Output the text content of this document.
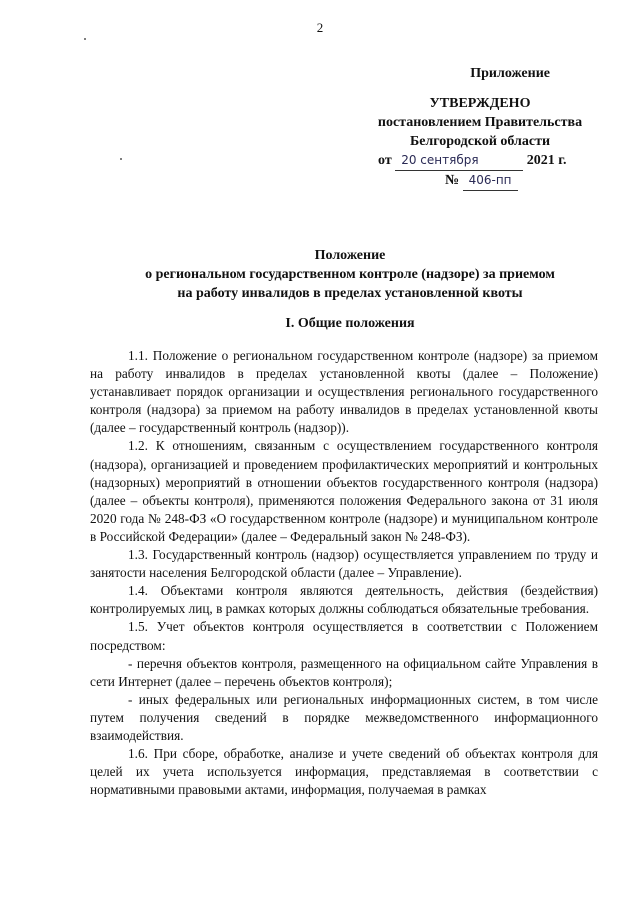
2
Приложение
УТВЕРЖДЕНО
постановлением Правительства
Белгородской области
от 20 сентября	2021 г.
№ 406-пп
Положение
о региональном государственном контроле (надзоре) за приемом
на работу инвалидов в пределах установленной квоты
I. Общие положения

1.1. Положение о региональном государственном контроле (надзоре) за приемом на работу инвалидов в пределах установленной квоты (далее – Положение) устанавливает порядок организации и осуществления регионального государственного контроля (надзора) за приемом на работу инвалидов в пределах установленной квоты (далее – государственный контроль (надзор)).

1.2. К отношениям, связанным с осуществлением государственного контроля (надзора), организацией и проведением профилактических мероприятий и контрольных (надзорных) мероприятий в отношении объектов государственного контроля (надзора) (далее – объекты контроля), применяются положения Федерального закона от 31 июля 2020 года № 248-ФЗ «О государственном контроле (надзоре) и муниципальном контроле в Российской Федерации» (далее – Федеральный закон № 248-ФЗ).

1.3. Государственный контроль (надзор) осуществляется управлением по труду и занятости населения Белгородской области (далее – Управление).

1.4. Объектами контроля являются деятельность, действия (бездействия) контролируемых лиц, в рамках которых должны соблюдаться обязательные требования.

1.5. Учет объектов контроля осуществляется в соответствии с Положением посредством:

- перечня объектов контроля, размещенного на официальном сайте Управления в сети Интернет (далее – перечень объектов контроля);

- иных федеральных или региональных информационных систем, в том числе путем получения сведений в порядке межведомственного информационного взаимодействия.

1.6. При сборе, обработке, анализе и учете сведений об объектах контроля для целей их учета используется информация, представляемая в соответствии с нормативными правовыми актами, информация, получаемая в рамках
